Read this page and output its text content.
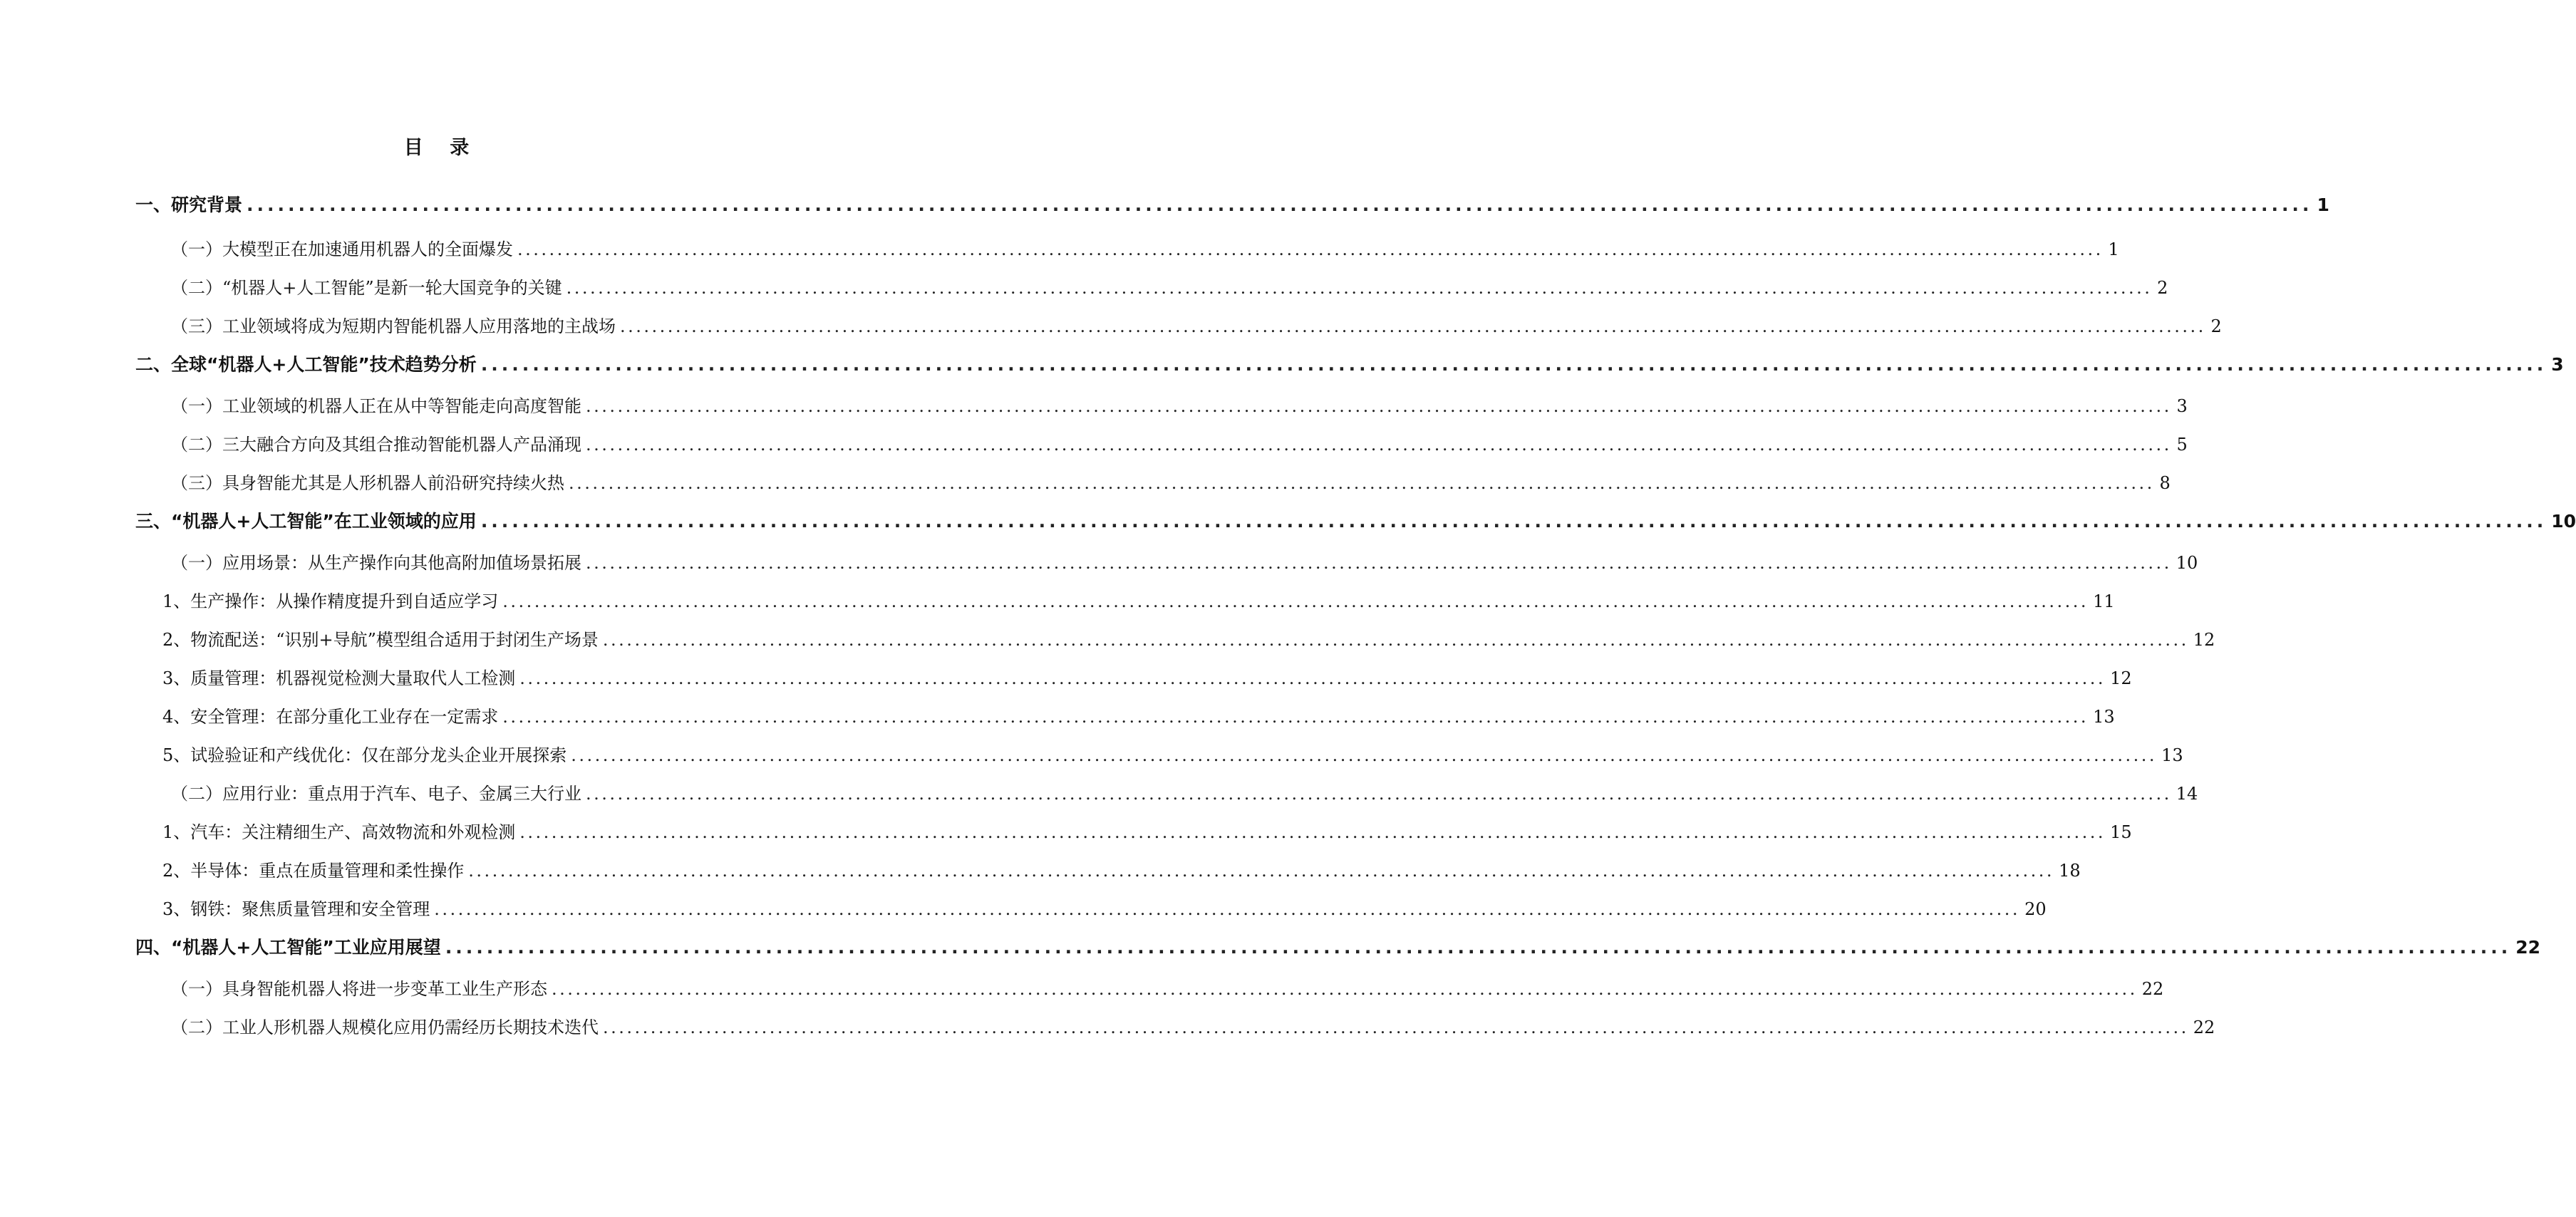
目 录
一、研究背景 ........................................................................................................................................................................................................ 1
（一）大模型正在加速通用机器人的全面爆发 ........................................................................................................................................................................................................ 1
（二）“机器人+人工智能”是新一轮大国竞争的关键 ........................................................................................................................................................................................................ 2
（三）工业领域将成为短期内智能机器人应用落地的主战场 ........................................................................................................................................................................................................ 2
二、全球“机器人+人工智能”技术趋势分析 ........................................................................................................................................................................................................ 3
（一）工业领域的机器人正在从中等智能走向高度智能 ........................................................................................................................................................................................................ 3
（二）三大融合方向及其组合推动智能机器人产品涌现 ........................................................................................................................................................................................................ 5
（三）具身智能尤其是人形机器人前沿研究持续火热 ........................................................................................................................................................................................................ 8
三、“机器人+人工智能”在工业领域的应用 ........................................................................................................................................................................................................ 10
（一）应用场景：从生产操作向其他高附加值场景拓展 ........................................................................................................................................................................................................ 10
1、生产操作：从操作精度提升到自适应学习 ........................................................................................................................................................................................................ 11
2、物流配送：“识别+导航”模型组合适用于封闭生产场景 ........................................................................................................................................................................................................ 12
3、质量管理：机器视觉检测大量取代人工检测 ........................................................................................................................................................................................................ 12
4、安全管理：在部分重化工业存在一定需求 ........................................................................................................................................................................................................ 13
5、试验验证和产线优化：仅在部分龙头企业开展探索 ........................................................................................................................................................................................................ 13
（二）应用行业：重点用于汽车、电子、金属三大行业 ........................................................................................................................................................................................................ 14
1、汽车：关注精细生产、高效物流和外观检测 ........................................................................................................................................................................................................ 15
2、半导体：重点在质量管理和柔性操作 ........................................................................................................................................................................................................ 18
3、钢铁：聚焦质量管理和安全管理 ........................................................................................................................................................................................................ 20
四、“机器人+人工智能”工业应用展望 ........................................................................................................................................................................................................ 22
（一）具身智能机器人将进一步变革工业生产形态 ........................................................................................................................................................................................................ 22
（二）工业人形机器人规模化应用仍需经历长期技术迭代 ........................................................................................................................................................................................................ 22
